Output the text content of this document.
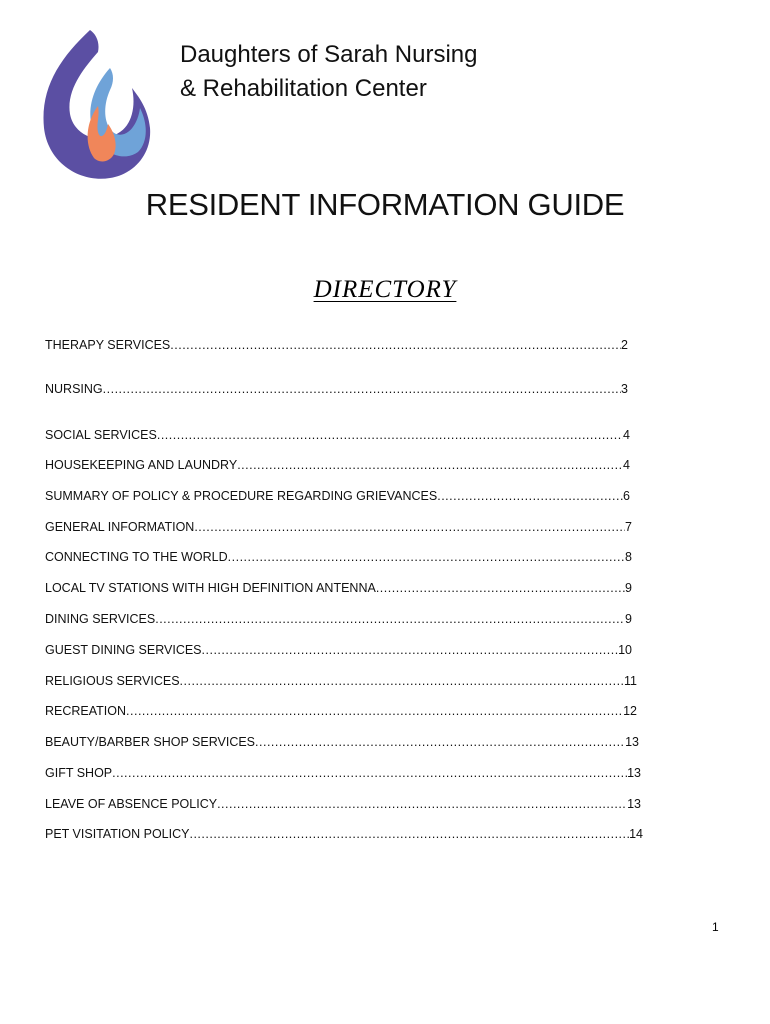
Daughters of Sarah Nursing
& Rehabilitation Center
RESIDENT INFORMATION GUIDE
DIRECTORY
THERAPY SERVICES .....	2
NURSING .....	3
SOCIAL SERVICES .....	4
HOUSEKEEPING AND LAUNDRY .....	4
SUMMARY OF POLICY & PROCEDURE REGARDING GRIEVANCES .....	6
GENERAL INFORMATION .....	7
CONNECTING TO THE WORLD .....	8
LOCAL TV STATIONS WITH HIGH DEFINITION ANTENNA .....	9
DINING SERVICES .....	9
GUEST DINING SERVICES .....	10
RELIGIOUS SERVICES .....	11
RECREATION .....	12
BEAUTY/BARBER SHOP SERVICES .....	13
GIFT SHOP .....	13
LEAVE OF ABSENCE POLICY .....	13
PET VISITATION POLICY .....	14
1
